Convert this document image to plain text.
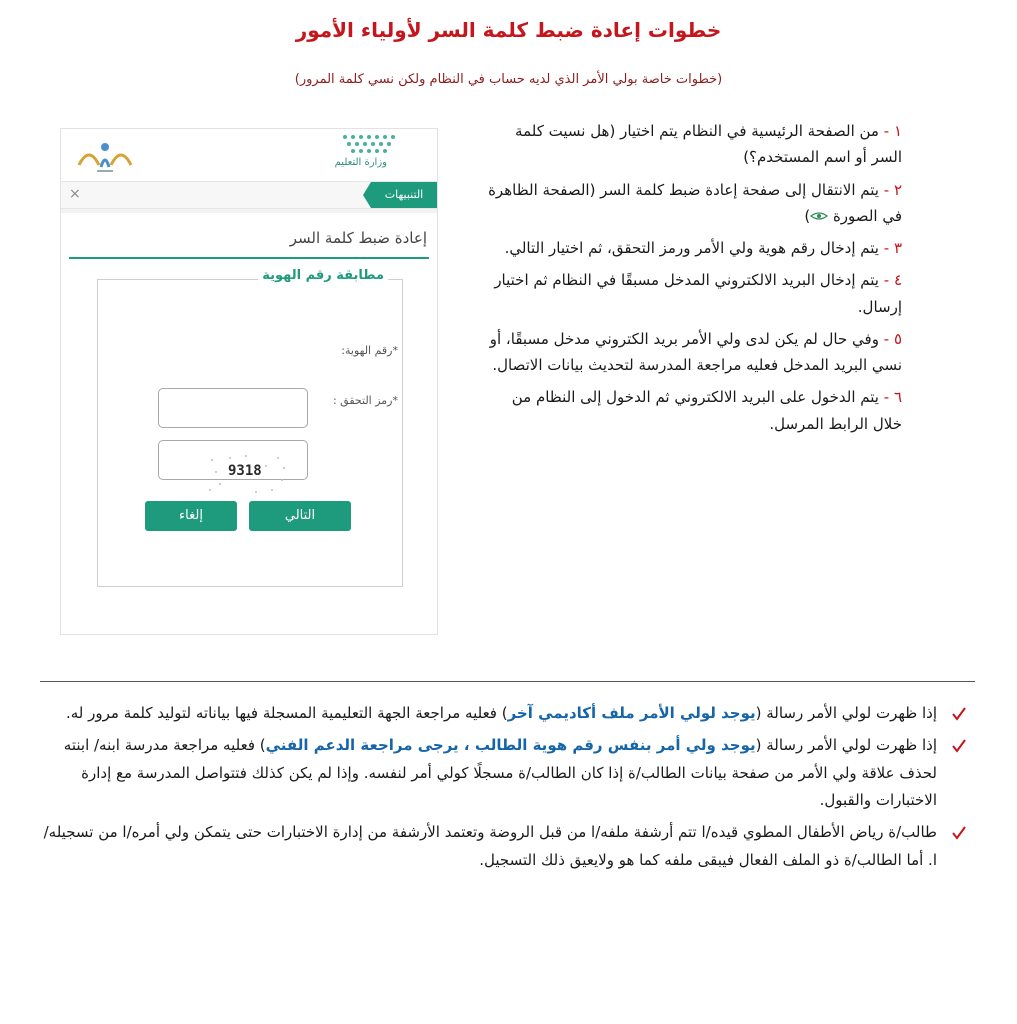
خطوات إعادة ضبط كلمة السر لأولياء الأمور
(خطوات خاصة بولي الأمر الذي لديه حساب في النظام ولكن نسي كلمة المرور)
وزارة التعليم
التنبيهات
×
إعادة ضبط كلمة السر
مطابقة رقم الهوية
*رقم الهوية:
*رمز التحقق :
9318
التالي
إلغاء
١ - من الصفحة الرئيسية في النظام يتم اختيار (هل نسيت كلمة السر أو اسم المستخدم؟)
٢ - يتم الانتقال إلى صفحة إعادة ضبط كلمة السر (الصفحة الظاهرة في الصورة )
٣ - يتم إدخال رقم هوية ولي الأمر ورمز التحقق، ثم اختيار التالي.
٤ - يتم إدخال البريد الالكتروني المدخل مسبقًا في النظام ثم اختيار إرسال.
٥ - وفي حال لم يكن لدى ولي الأمر بريد الكتروني مدخل مسبقًا، أو نسي البريد المدخل فعليه مراجعة المدرسة لتحديث بيانات الاتصال.
٦ - يتم الدخول على البريد الالكتروني ثم الدخول إلى النظام من خلال الرابط المرسل.
إذا ظهرت لولي الأمر رسالة (يوجد لولي الأمر ملف أكاديمي آخر) فعليه مراجعة الجهة التعليمية المسجلة فيها بياناته لتوليد كلمة مرور له.
إذا ظهرت لولي الأمر رسالة (يوجد ولي أمر بنفس رقم هوية الطالب ، يرجى مراجعة الدعم الفني) فعليه مراجعة مدرسة ابنه/ ابنته لحذف علاقة ولي الأمر من صفحة بيانات الطالب/ة إذا كان الطالب/ة مسجلًا كولي أمر لنفسه. وإذا لم يكن كذلك فتتواصل المدرسة مع إدارة الاختبارات والقبول.
طالب/ة رياض الأطفال المطوي قيده/ا تتم أرشفة ملفه/ا من قبل الروضة وتعتمد الأرشفة من إدارة الاختبارات حتى يتمكن ولي أمره/ا من تسجيله/ا. أما الطالب/ة ذو الملف الفعال فيبقى ملفه كما هو ولايعيق ذلك التسجيل.
